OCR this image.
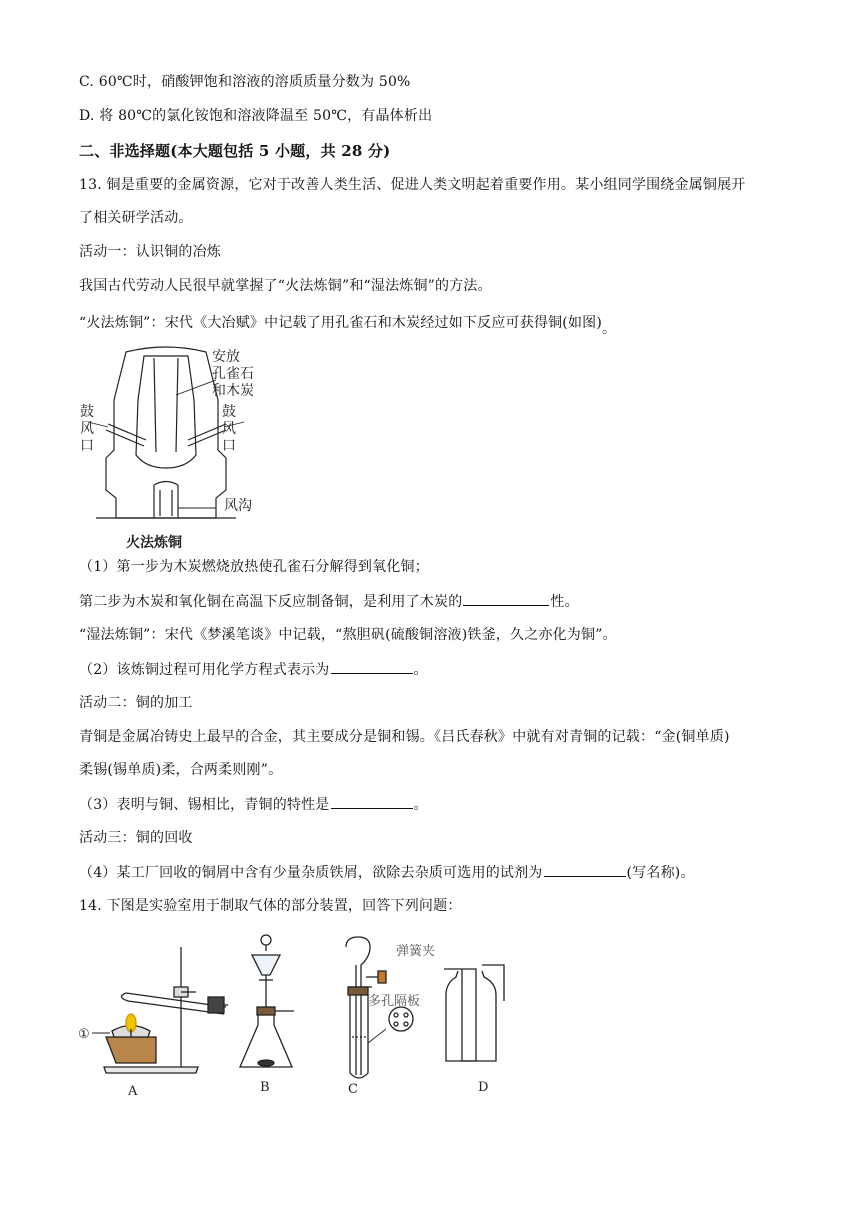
C. 60℃时，硝酸钾饱和溶液的溶质质量分数为 50%
D. 将 80℃的氯化铵饱和溶液降温至 50℃，有晶体析出
二、非选择题(本大题包括 5 小题，共 28 分)
13. 铜是重要的金属资源，它对于改善人类生活、促进人类文明起着重要作用。某小组同学围绕金属铜展开
了相关研学活动。
活动一：认识铜的冶炼
我国古代劳动人民很早就掌握了“火法炼铜”和“湿法炼铜”的方法。
“火法炼铜”：宋代《大冶赋》中记载了用孔雀石和木炭经过如下反应可获得铜(如图)。
安放
孔雀石
和木炭
鼓
风
口
鼓
风
口
风沟
火法炼铜
（1）第一步为木炭燃烧放热使孔雀石分解得到氧化铜；
第二步为木炭和氧化铜在高温下反应制备铜，是利用了木炭的	性。
“湿法炼铜”：宋代《梦溪笔谈》中记载，“熬胆矾(硫酸铜溶液)铁釜，久之亦化为铜”。
（2）该炼铜过程可用化学方程式表示为	。
活动二：铜的加工
青铜是金属冶铸史上最早的合金，其主要成分是铜和锡。《吕氏春秋》中就有对青铜的记载：“金(铜单质)
柔锡(锡单质)柔，合两柔则刚”。
（3）表明与铜、锡相比，青铜的特性是	。
活动三：铜的回收
（4）某工厂回收的铜屑中含有少量杂质铁屑，欲除去杂质可选用的试剂为	(写名称)。
14. 下图是实验室用于制取气体的部分装置，回答下列问题：
①
弹簧夹
多孔隔板
A	B	C	D
